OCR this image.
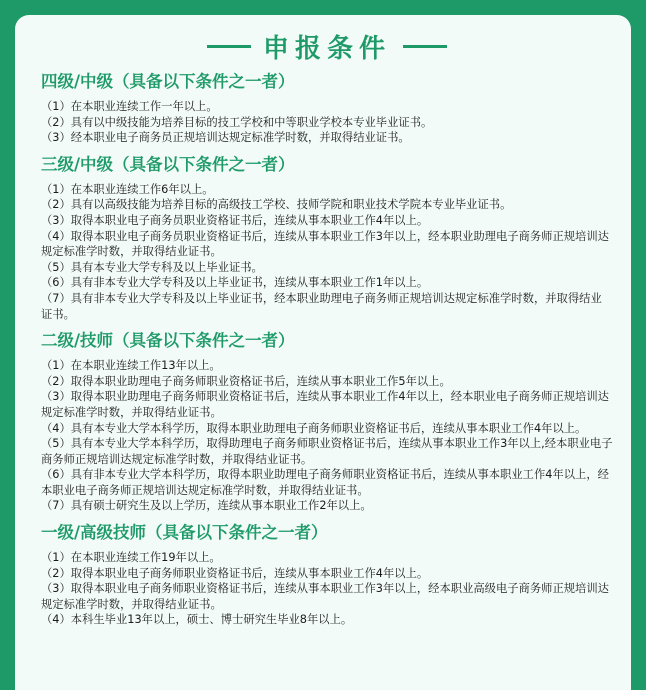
申报条件
四级/中级（具备以下条件之一者）

（1）在本职业连续工作一年以上。

（2）具有以中级技能为培养目标的技工学校和中等职业学校本专业毕业证书。

（3）经本职业电子商务员正规培训达规定标准学时数，并取得结业证书。

三级/中级（具备以下条件之一者）

（1）在本职业连续工作6年以上。

（2）具有以高级技能为培养目标的高级技工学校、技师学院和职业技术学院本专业毕业证书。

（3）取得本职业电子商务员职业资格证书后，连续从事本职业工作4年以上。

（4）取得本职业电子商务员职业资格证书后，连续从事本职业工作3年以上，经本职业助理电子商务师正规培训达规定标准学时数，并取得结业证书。

（5）具有本专业大学专科及以上毕业证书。

（6）具有非本专业大学专科及以上毕业证书，连续从事本职业工作1年以上。

（7）具有非本专业大学专科及以上毕业证书，经本职业助理电子商务师正规培训达规定标准学时数，并取得结业证书。

二级/技师（具备以下条件之一者）

（1）在本职业连续工作13年以上。

（2）取得本职业助理电子商务师职业资格证书后，连续从事本职业工作5年以上。

（3）取得本职业助理电子商务师职业资格证书后，连续从事本职业工作4年以上，经本职业电子商务师正规培训达规定标准学时数，并取得结业证书。

（4）具有本专业大学本科学历，取得本职业助理电子商务师职业资格证书后，连续从事本职业工作4年以上。

（5）具有本专业大学本科学历，取得助理电子商务师职业资格证书后，连续从事本职业工作3年以上,经本职业电子商务师正规培训达规定标准学时数，并取得结业证书。

（6）具有非本专业大学本科学历，取得本职业助理电子商务师职业资格证书后，连续从事本职业工作4年以上，经本职业电子商务师正规培训达规定标准学时数，并取得结业证书。

（7）具有硕士研究生及以上学历，连续从事本职业工作2年以上。

一级/高级技师（具备以下条件之一者）

（1）在本职业连续工作19年以上。

（2）取得本职业电子商务师职业资格证书后，连续从事本职业工作4年以上。

（3）取得本职业电子商务师职业资格证书后，连续从事本职业工作3年以上，经本职业高级电子商务师正规培训达规定标准学时数，并取得结业证书。

（4）本科生毕业13年以上，硕士、博士研究生毕业8年以上。
